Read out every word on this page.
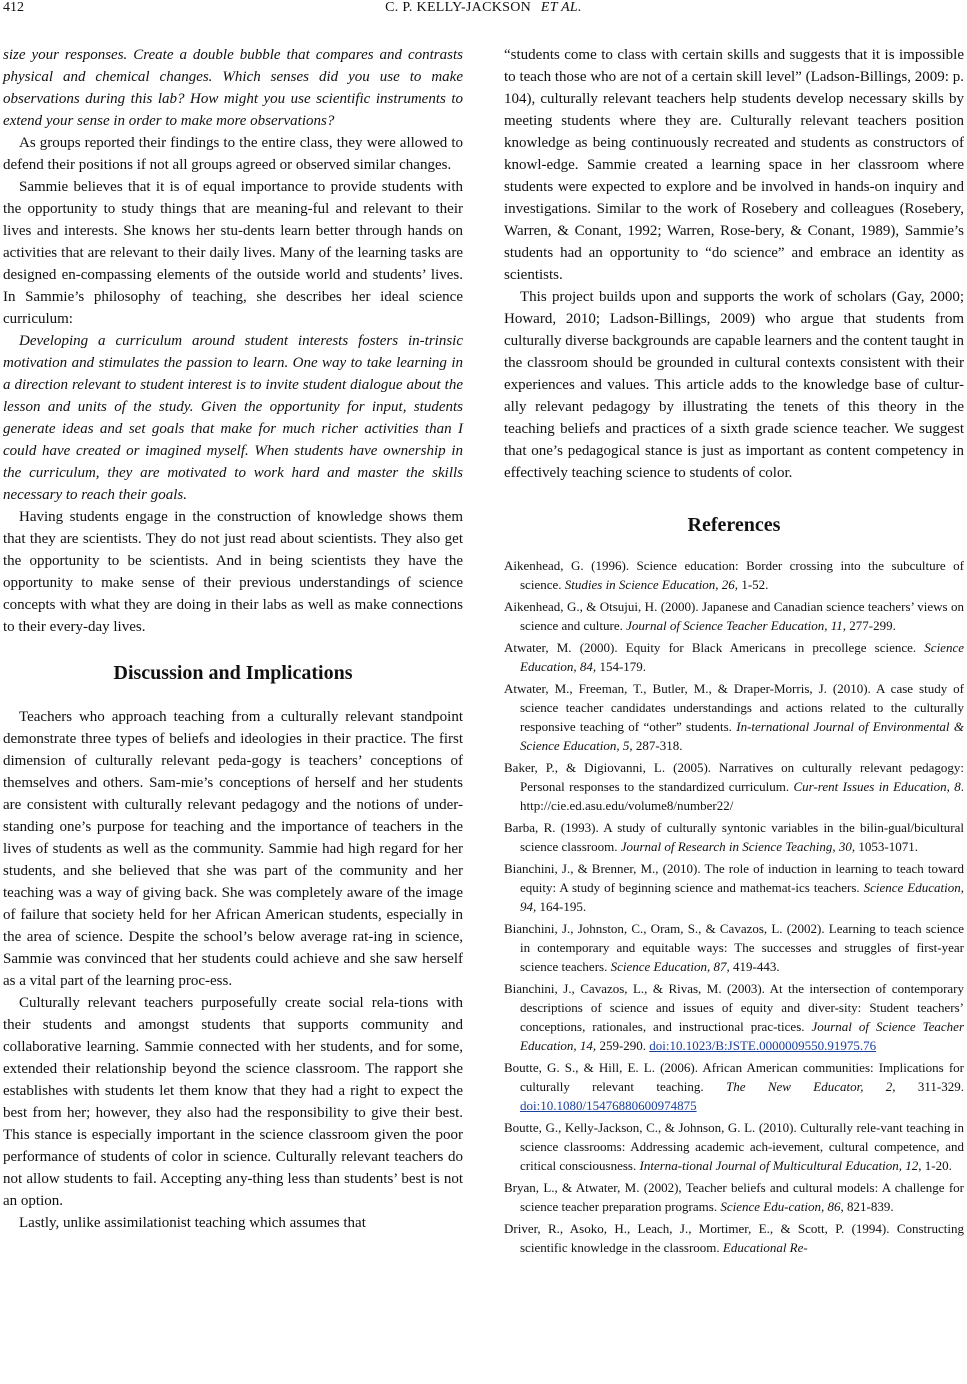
412	C. P. KELLY-JACKSON ET AL.

size your responses. Create a double bubble that compares and contrasts physical and chemical changes. Which senses did you use to make observations during this lab? How might you use scientific instruments to extend your sense in order to make more observations?

As groups reported their findings to the entire class, they were allowed to defend their positions if not all groups agreed or observed similar changes.

Sammie believes that it is of equal importance to provide students with the opportunity to study things that are meaning-ful and relevant to their lives and interests. She knows her stu-dents learn better through hands on activities that are relevant to their daily lives. Many of the learning tasks are designed en-compassing elements of the outside world and students’ lives. In Sammie’s philosophy of teaching, she describes her ideal science curriculum:

Developing a curriculum around student interests fosters in-trinsic motivation and stimulates the passion to learn. One way to take learning in a direction relevant to student interest is to invite student dialogue about the lesson and units of the study. Given the opportunity for input, students generate ideas and set goals that make for much richer activities than I could have created or imagined myself. When students have ownership in the curriculum, they are motivated to work hard and master the skills necessary to reach their goals.

Having students engage in the construction of knowledge shows them that they are scientists. They do not just read about scientists. They also get the opportunity to be scientists. And in being scientists they have the opportunity to make sense of their previous understandings of science concepts with what they are doing in their labs as well as make connections to their every-day lives.

Discussion and Implications

Teachers who approach teaching from a culturally relevant standpoint demonstrate three types of beliefs and ideologies in their practice. The first dimension of culturally relevant peda-gogy is teachers’ conceptions of themselves and others. Sam-mie’s conceptions of herself and her students are consistent with culturally relevant pedagogy and the notions of under-standing one’s purpose for teaching and the importance of teachers in the lives of students as well as the community. Sammie had high regard for her students, and she believed that she was part of the community and her teaching was a way of giving back. She was completely aware of the image of failure that society held for her African American students, especially in the area of science. Despite the school’s below average rat-ing in science, Sammie was convinced that her students could achieve and she saw herself as a vital part of the learning proc-ess.

Culturally relevant teachers purposefully create social rela-tions with their students and amongst students that supports community and collaborative learning. Sammie connected with her students, and for some, extended their relationship beyond the science classroom. The rapport she establishes with students let them know that they had a right to expect the best from her; however, they also had the responsibility to give their best. This stance is especially important in the science classroom given the poor performance of students of color in science. Culturally relevant teachers do not allow students to fail. Accepting any-thing less than students’ best is not an option.

Lastly, unlike assimilationist teaching which assumes that

“students come to class with certain skills and suggests that it is impossible to teach those who are not of a certain skill level” (Ladson-Billings, 2009: p. 104), culturally relevant teachers help students develop necessary skills by meeting students where they are. Culturally relevant teachers position knowledge as being continuously recreated and students as constructors of knowl-edge. Sammie created a learning space in her classroom where students were expected to explore and be involved in hands-on inquiry and investigations. Similar to the work of Rosebery and colleagues (Rosebery, Warren, & Conant, 1992; Warren, Rose-bery, & Conant, 1989), Sammie’s students had an opportunity to “do science” and embrace an identity as scientists.

This project builds upon and supports the work of scholars (Gay, 2000; Howard, 2010; Ladson-Billings, 2009) who argue that students from culturally diverse backgrounds are capable learners and the content taught in the classroom should be grounded in cultural contexts consistent with their experiences and values. This article adds to the knowledge base of cultur-ally relevant pedagogy by illustrating the tenets of this theory in the teaching beliefs and practices of a sixth grade science teacher. We suggest that one’s pedagogical stance is just as important as content competency in effectively teaching science to students of color.

References
Aikenhead, G. (1996). Science education: Border crossing into the subculture of science. Studies in Science Education, 26, 1-52.
Aikenhead, G., & Otsujui, H. (2000). Japanese and Canadian science teachers’ views on science and culture. Journal of Science Teacher Education, 11, 277-299.
Atwater, M. (2000). Equity for Black Americans in precollege science. Science Education, 84, 154-179.
Atwater, M., Freeman, T., Butler, M., & Draper-Morris, J. (2010). A case study of science teacher candidates understandings and actions related to the culturally responsive teaching of “other” students. In-ternational Journal of Environmental & Science Education, 5, 287-318.
Baker, P., & Digiovanni, L. (2005). Narratives on culturally relevant pedagogy: Personal responses to the standardized curriculum. Cur-rent Issues in Education, 8. http://cie.ed.asu.edu/volume8/number22/
Barba, R. (1993). A study of culturally syntonic variables in the bilin-gual/bicultural science classroom. Journal of Research in Science Teaching, 30, 1053-1071.
Bianchini, J., & Brenner, M., (2010). The role of induction in learning to teach toward equity: A study of beginning science and mathemat-ics teachers. Science Education, 94, 164-195.
Bianchini, J., Johnston, C., Oram, S., & Cavazos, L. (2002). Learning to teach science in contemporary and equitable ways: The successes and struggles of first-year science teachers. Science Education, 87, 419-443.
Bianchini, J., Cavazos, L., & Rivas, M. (2003). At the intersection of contemporary descriptions of science and issues of equity and diver-sity: Student teachers’ conceptions, rationales, and instructional prac-tices. Journal of Science Teacher Education, 14, 259-290. doi:10.1023/B:JSTE.0000009550.91975.76
Boutte, G. S., & Hill, E. L. (2006). African American communities: Implications for culturally relevant teaching. The New Educator, 2, 311-329. doi:10.1080/15476880600974875
Boutte, G., Kelly-Jackson, C., & Johnson, G. L. (2010). Culturally rele-vant teaching in science classrooms: Addressing academic ach-ievement, cultural competence, and critical consciousness. Interna-tional Journal of Multicultural Education, 12, 1-20.
Bryan, L., & Atwater, M. (2002), Teacher beliefs and cultural models: A challenge for science teacher preparation programs. Science Edu-cation, 86, 821-839.
Driver, R., Asoko, H., Leach, J., Mortimer, E., & Scott, P. (1994). Constructing scientific knowledge in the classroom. Educational Re-
